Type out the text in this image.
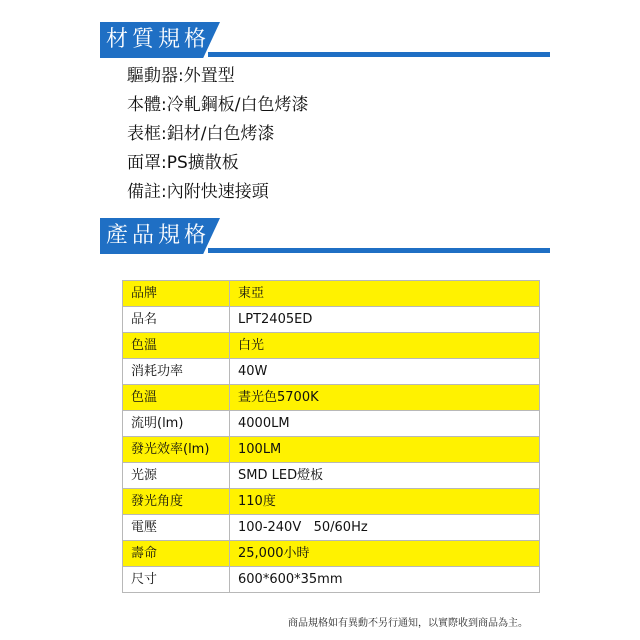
材質規格
驅動器:外置型
本體:冷軋鋼板/白色烤漆
表框:鋁材/白色烤漆
面罩:PS擴散板
備註:內附快速接頭
產品規格
品牌	東亞
品名	LPT2405ED
色溫	白光
消耗功率	40W
色溫	晝光色5700K
流明(lm)	4000LM
發光效率(lm)	100LM
光源	SMD LED燈板
發光角度	110度
電壓	100-240V   50/60Hz
壽命	25,000小時
尺寸	600*600*35mm
商品規格如有異動不另行通知，以實際收到商品為主。
